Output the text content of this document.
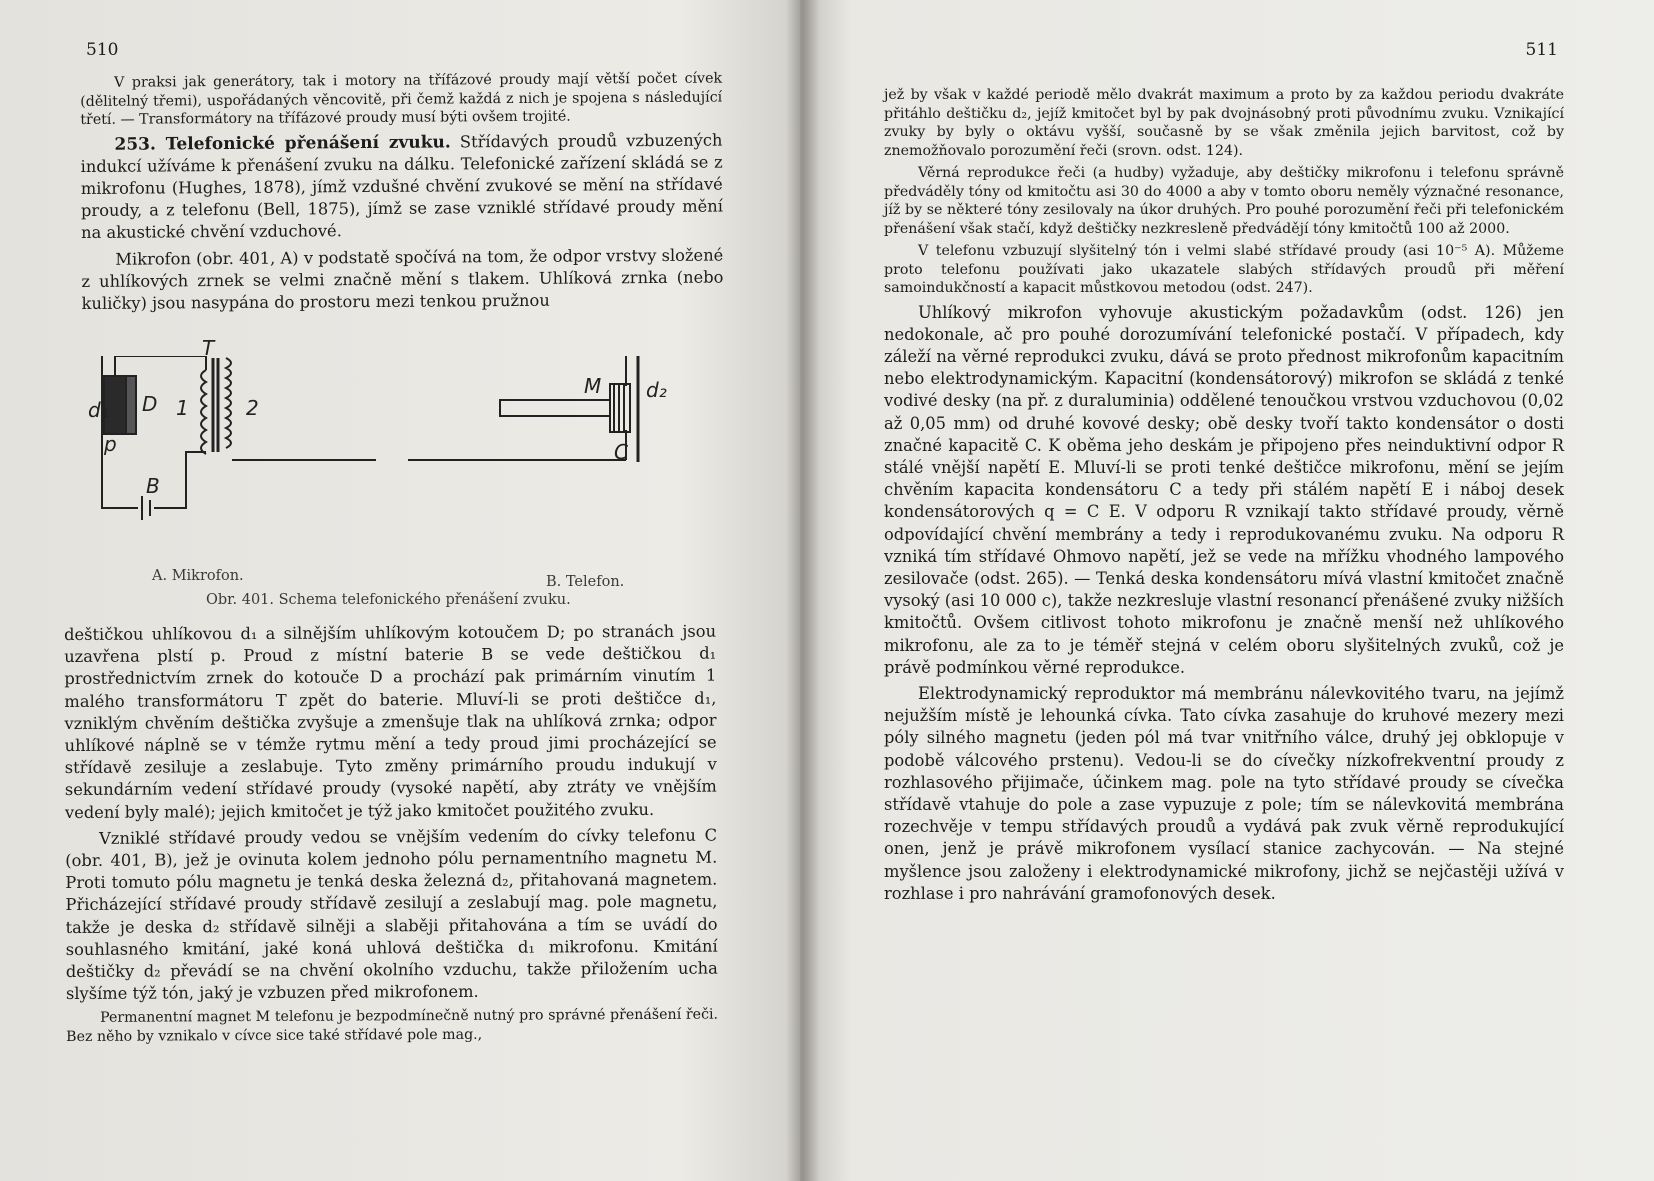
510

V praksi jak generátory, tak i motory na třífázové proudy mají větší počet cívek (dělitelný třemi), uspořádaných věncovitě, při čemž každá z nich je spojena s následující třetí. — Transformátory na třífázové proudy musí býti ovšem trojité.

253. Telefonické přenášení zvuku. Střídavých proudů vzbuzených indukcí užíváme k přenášení zvuku na dálku. Telefonické zařízení skládá se z mikrofonu (Hughes, 1878), jímž vzdušné chvění zvukové se mění na střídavé proudy, a z telefonu (Bell, 1875), jímž se zase vzniklé střídavé proudy mění na akustické chvění vzduchové.

Mikrofon (obr. 401, A) v podstatě spočívá na tom, že odpor vrstvy složené z uhlíkových zrnek se velmi značně mění s tlakem. Uhlíková zrnka (nebo kuličky) jsou nasypána do prostoru mezi tenkou pružnou

T
d₁ D 1	2
p
B
M d₂
C
A. Mikrofon.	B. Telefon.
Obr. 401. Schema telefonického přenášení zvuku.

deštičkou uhlíkovou d₁ a silnějším uhlíkovým kotoučem D; po stranách jsou uzavřena plstí p. Proud z místní baterie B se vede deštičkou d₁ prostřednictvím zrnek do kotouče D a prochází pak primárním vinutím 1 malého transformátoru T zpět do baterie. Mluví-li se proti deštičce d₁, vzniklým chvěním deštička zvyšuje a zmenšuje tlak na uhlíková zrnka; odpor uhlíkové náplně se v témže rytmu mění a tedy proud jimi procházející se střídavě zesiluje a zeslabuje. Tyto změny primárního proudu indukují v sekundárním vedení střídavé proudy (vysoké napětí, aby ztráty ve vnějším vedení byly malé); jejich kmitočet je týž jako kmitočet použitého zvuku.

Vzniklé střídavé proudy vedou se vnějším vedením do cívky telefonu C (obr. 401, B), jež je ovinuta kolem jednoho pólu pernamentního magnetu M. Proti tomuto pólu magnetu je tenká deska železná d₂, přitahovaná magnetem. Přicházející střídavé proudy střídavě zesilují a zeslabují mag. pole magnetu, takže je deska d₂ střídavě silněji a slaběji přitahována a tím se uvádí do souhlasného kmitání, jaké koná uhlová deštička d₁ mikrofonu. Kmitání deštičky d₂ převádí se na chvění okolního vzduchu, takže přiložením ucha slyšíme týž tón, jaký je vzbuzen před mikrofonem.

Permanentní magnet M telefonu je bezpodmínečně nutný pro správné přenášení řeči. Bez něho by vznikalo v cívce sice také střídavé pole mag.,

511

jež by však v každé periodě mělo dvakrát maximum a proto by za každou periodu dvakráte přitáhlo deštičku d₂, jejíž kmitočet byl by pak dvojnásobný proti původnímu zvuku. Vznikající zvuky by byly o oktávu vyšší, současně by se však změnila jejich barvitost, což by znemožňovalo porozumění řeči (srovn. odst. 124).

Věrná reprodukce řeči (a hudby) vyžaduje, aby deštičky mikrofonu i telefonu správně předváděly tóny od kmitočtu asi 30 do 4000 a aby v tomto oboru neměly význačné resonance, jíž by se některé tóny zesilovaly na úkor druhých. Pro pouhé porozumění řeči při telefonickém přenášení však stačí, když deštičky nezkresleně předvádějí tóny kmitočtů 100 až 2000.

V telefonu vzbuzují slyšitelný tón i velmi slabé střídavé proudy (asi 10⁻⁵ A). Můžeme proto telefonu používati jako ukazatele slabých střídavých proudů při měření samoindukčností a kapacit můstkovou metodou (odst. 247).

Uhlíkový mikrofon vyhovuje akustickým požadavkům (odst. 126) jen nedokonale, ač pro pouhé dorozumívání telefonické postačí. V případech, kdy záleží na věrné reprodukci zvuku, dává se proto přednost mikrofonům kapacitním nebo elektrodynamickým. Kapacitní (kondensátorový) mikrofon se skládá z tenké vodivé desky (na př. z duraluminia) oddělené tenoučkou vrstvou vzduchovou (0,02 až 0,05 mm) od druhé kovové desky; obě desky tvoří takto kondensátor o dosti značné kapacitě C. K oběma jeho deskám je připojeno přes neinduktivní odpor R stálé vnější napětí E. Mluví-li se proti tenké deštičce mikrofonu, mění se jejím chvěním kapacita kondensátoru C a tedy při stálém napětí E i náboj desek kondensátorových q = C E. V odporu R vznikají takto střídavé proudy, věrně odpovídající chvění membrány a tedy i reprodukovanému zvuku. Na odporu R vzniká tím střídavé Ohmovo napětí, jež se vede na mřížku vhodného lampového zesilovače (odst. 265). — Tenká deska kondensátoru mívá vlastní kmitočet značně vysoký (asi 10 000 c), takže nezkresluje vlastní resonancí přenášené zvuky nižších kmitočtů. Ovšem citlivost tohoto mikrofonu je značně menší než uhlíkového mikrofonu, ale za to je téměř stejná v celém oboru slyšitelných zvuků, což je právě podmínkou věrné reprodukce.

Elektrodynamický reproduktor má membránu nálevkovitého tvaru, na jejímž nejužším místě je lehounká cívka. Tato cívka zasahuje do kruhové mezery mezi póly silného magnetu (jeden pól má tvar vnitřního válce, druhý jej obklopuje v podobě válcového prstenu). Vedou-li se do cívečky nízkofrekventní proudy z rozhlasového přijimače, účinkem mag. pole na tyto střídavé proudy se cívečka střídavě vtahuje do pole a zase vypuzuje z pole; tím se nálevkovitá membrána rozechvěje v tempu střídavých proudů a vydává pak zvuk věrně reprodukující onen, jenž je právě mikrofonem vysílací stanice zachycován. — Na stejné myšlence jsou založeny i elektrodynamické mikrofony, jichž se nejčastěji užívá v rozhlase i pro nahrávání gramofonových desek.
